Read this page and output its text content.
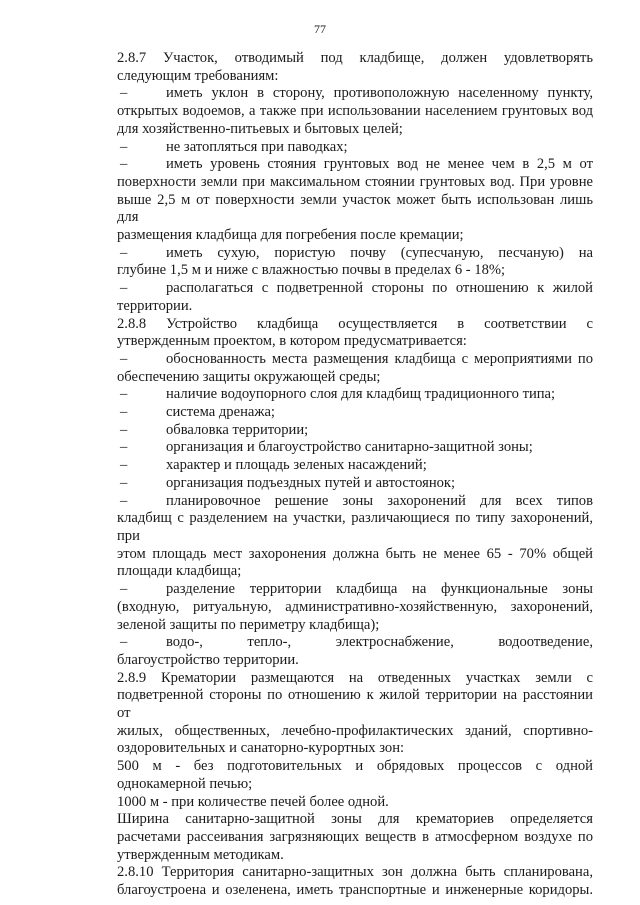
77
2.8.7 Участок, отводимый под кладбище, должен удовлетворять
следующим требованиям:
–	иметь уклон в сторону, противоположную населенному пункту,
открытых водоемов, а также при использовании населением грунтовых вод
для хозяйственно-питьевых и бытовых целей;
–	не затопляться при паводках;
–	иметь уровень стояния грунтовых вод не менее чем в 2,5 м от
поверхности земли при максимальном стоянии грунтовых вод. При уровне
выше 2,5 м от поверхности земли участок может быть использован лишь для
размещения кладбища для погребения после кремации;
–	иметь сухую, пористую почву (супесчаную, песчаную) на
глубине 1,5 м и ниже с влажностью почвы в пределах 6 - 18%;
–	располагаться с подветренной стороны по отношению к жилой
территории.
2.8.8 Устройство кладбища осуществляется в соответствии с
утвержденным проектом, в котором предусматривается:
–	обоснованность места размещения кладбища с мероприятиями по
обеспечению защиты окружающей среды;
–	наличие водоупорного слоя для кладбищ традиционного типа;
–	система дренажа;
–	обваловка территории;
–	организация и благоустройство санитарно-защитной зоны;
–	характер и площадь зеленых насаждений;
–	организация подъездных путей и автостоянок;
–	планировочное решение зоны захоронений для всех типов
кладбищ с разделением на участки, различающиеся по типу захоронений, при
этом площадь мест захоронения должна быть не менее 65 - 70% общей
площади кладбища;
–	разделение территории кладбища на функциональные зоны
(входную, ритуальную, административно-хозяйственную, захоронений,
зеленой защиты по периметру кладбища);
–	водо-, тепло-, электроснабжение, водоотведение,
благоустройство территории.
2.8.9 Крематории размещаются на отведенных участках земли с
подветренной стороны по отношению к жилой территории на расстоянии от
жилых, общественных, лечебно-профилактических зданий, спортивно-
оздоровительных и санаторно-курортных зон:
500 м - без подготовительных и обрядовых процессов с одной
однокамерной печью;
1000 м - при количестве печей более одной.
Ширина санитарно-защитной зоны для крематориев определяется
расчетами рассеивания загрязняющих веществ в атмосферном воздухе по
утвержденным методикам.
2.8.10 Территория санитарно-защитных зон должна быть спланирована,
благоустроена и озеленена, иметь транспортные и инженерные коридоры.
